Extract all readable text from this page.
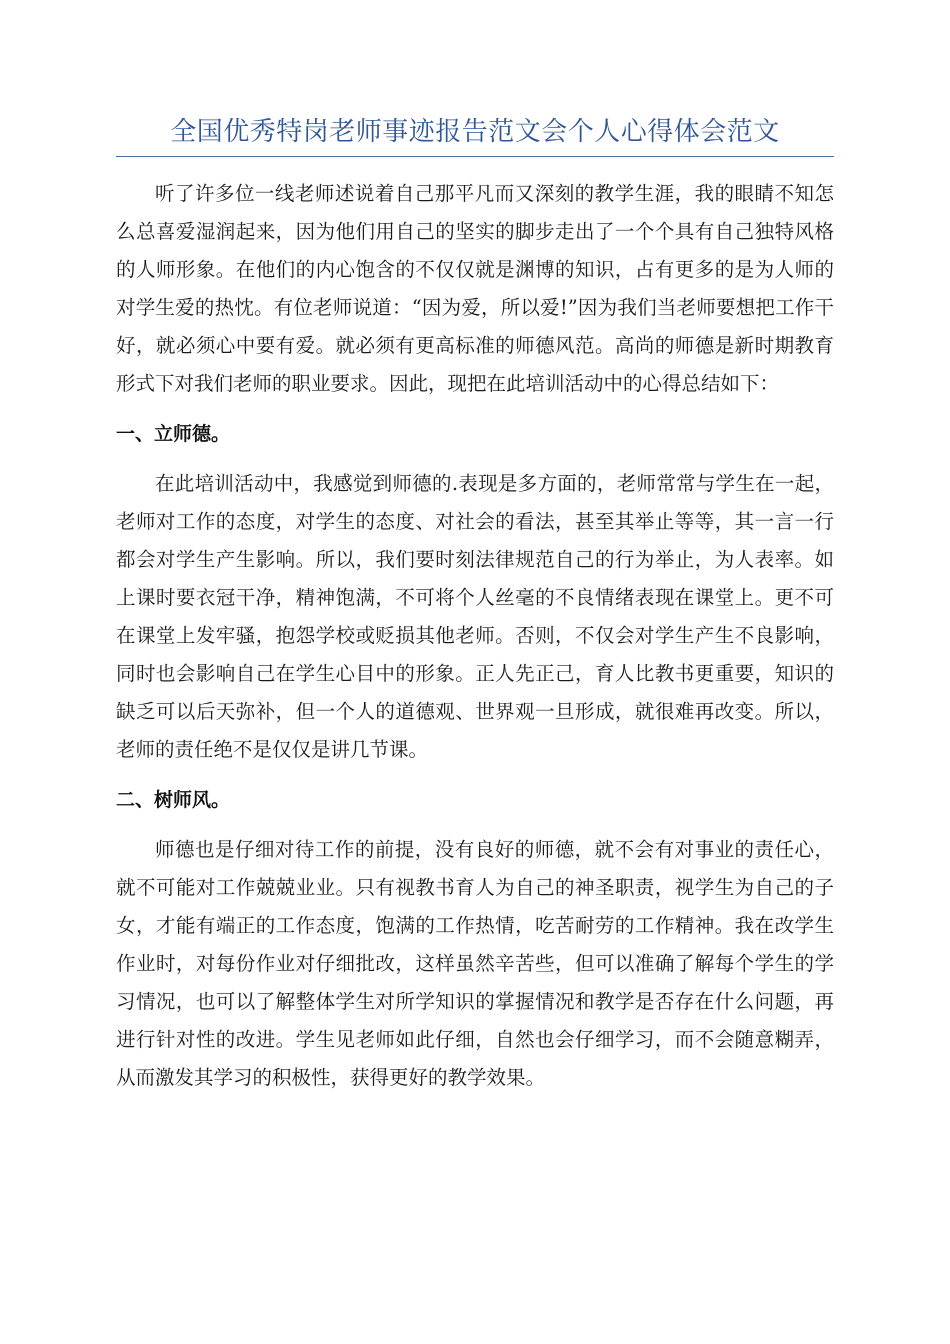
全国优秀特岗老师事迹报告范文会个人心得体会范文

听了许多位一线老师述说着自己那平凡而又深刻的教学生涯，我的眼睛不知怎么总喜爱湿润起来，因为他们用自己的坚实的脚步走出了一个个具有自己独特风格的人师形象。在他们的内心饱含的不仅仅就是渊博的知识，占有更多的是为人师的对学生爱的热忱。有位老师说道：“因为爱，所以爱!”因为我们当老师要想把工作干好，就必须心中要有爱。就必须有更高标准的师德风范。高尚的师德是新时期教育形式下对我们老师的职业要求。因此，现把在此培训活动中的心得总结如下：

一、立师德。

在此培训活动中，我感觉到师德的.表现是多方面的，老师常常与学生在一起，老师对工作的态度，对学生的态度、对社会的看法，甚至其举止等等，其一言一行都会对学生产生影响。所以，我们要时刻法律规范自己的行为举止，为人表率。如上课时要衣冠干净，精神饱满，不可将个人丝毫的不良情绪表现在课堂上。更不可在课堂上发牢骚，抱怨学校或贬损其他老师。否则，不仅会对学生产生不良影响，同时也会影响自己在学生心目中的形象。正人先正己，育人比教书更重要，知识的缺乏可以后天弥补，但一个人的道德观、世界观一旦形成，就很难再改变。所以，老师的责任绝不是仅仅是讲几节课。

二、树师风。

师德也是仔细对待工作的前提，没有良好的师德，就不会有对事业的责任心，就不可能对工作兢兢业业。只有视教书育人为自己的神圣职责，视学生为自己的子女，才能有端正的工作态度，饱满的工作热情，吃苦耐劳的工作精神。我在改学生作业时，对每份作业对仔细批改，这样虽然辛苦些，但可以准确了解每个学生的学习情况，也可以了解整体学生对所学知识的掌握情况和教学是否存在什么问题，再进行针对性的改进。学生见老师如此仔细，自然也会仔细学习，而不会随意糊弄，从而激发其学习的积极性，获得更好的教学效果。
